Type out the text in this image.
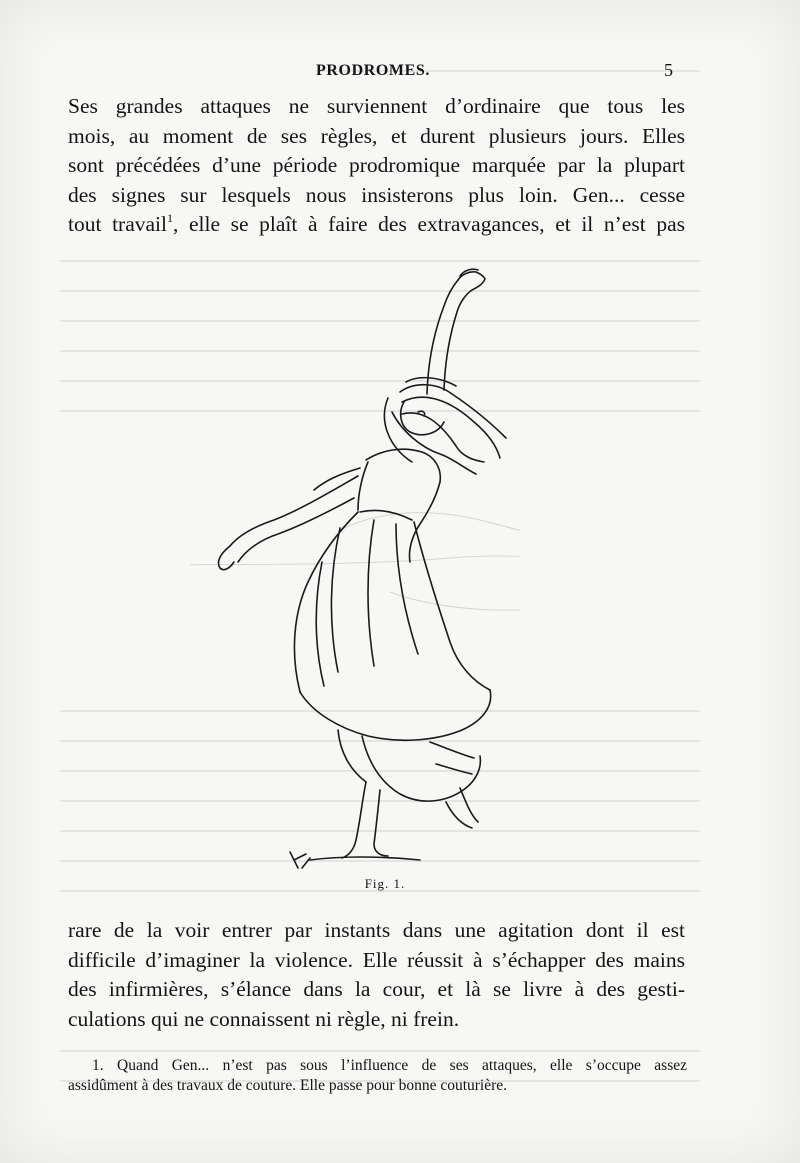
PRODROMES.	5
Ses grandes attaques ne surviennent d’ordinaire que tous les
mois, au moment de ses règles, et durent plusieurs jours. Elles
sont précédées d’une période prodromique marquée par la plupart
des signes sur lesquels nous insisterons plus loin. Gen... cesse
tout travail$^1$, elle se plaît à faire des extravagances, et il n’est pas
Fig. 1.
rare de la voir entrer par instants dans une agitation dont il est
difficile d’imaginer la violence. Elle réussit à s’échapper des mains
des infirmières, s’élance dans la cour, et là se livre à des gesti-
culations qui ne connaissent ni règle, ni frein.
1. Quand Gen... n’est pas sous l’influence de ses attaques, elle s’occupe assez
assidûment à des travaux de couture. Elle passe pour bonne couturière.
